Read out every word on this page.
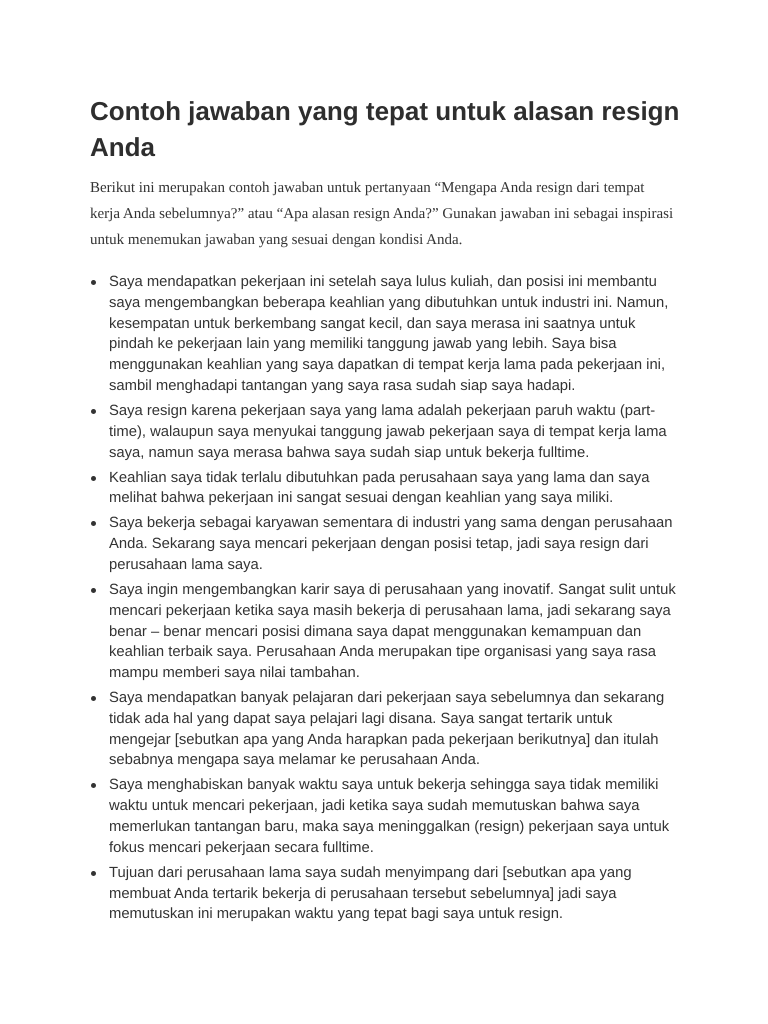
Contoh jawaban yang tepat untuk alasan resign Anda

Berikut ini merupakan contoh jawaban untuk pertanyaan “Mengapa Anda resign dari tempat kerja Anda sebelumnya?” atau “Apa alasan resign Anda?” Gunakan jawaban ini sebagai inspirasi untuk menemukan jawaban yang sesuai dengan kondisi Anda.

Saya mendapatkan pekerjaan ini setelah saya lulus kuliah, dan posisi ini membantu saya mengembangkan beberapa keahlian yang dibutuhkan untuk industri ini. Namun, kesempatan untuk berkembang sangat kecil, dan saya merasa ini saatnya untuk pindah ke pekerjaan lain yang memiliki tanggung jawab yang lebih. Saya bisa menggunakan keahlian yang saya dapatkan di tempat kerja lama pada pekerjaan ini, sambil menghadapi tantangan yang saya rasa sudah siap saya hadapi.
Saya resign karena pekerjaan saya yang lama adalah pekerjaan paruh waktu (part-time), walaupun saya menyukai tanggung jawab pekerjaan saya di tempat kerja lama saya, namun saya merasa bahwa saya sudah siap untuk bekerja fulltime.
Keahlian saya tidak terlalu dibutuhkan pada perusahaan saya yang lama dan saya melihat bahwa pekerjaan ini sangat sesuai dengan keahlian yang saya miliki.
Saya bekerja sebagai karyawan sementara di industri yang sama dengan perusahaan Anda. Sekarang saya mencari pekerjaan dengan posisi tetap, jadi saya resign dari perusahaan lama saya.
Saya ingin mengembangkan karir saya di perusahaan yang inovatif. Sangat sulit untuk mencari pekerjaan ketika saya masih bekerja di perusahaan lama, jadi sekarang saya benar – benar mencari posisi dimana saya dapat menggunakan kemampuan dan keahlian terbaik saya. Perusahaan Anda merupakan tipe organisasi yang saya rasa mampu memberi saya nilai tambahan.
Saya mendapatkan banyak pelajaran dari pekerjaan saya sebelumnya dan sekarang tidak ada hal yang dapat saya pelajari lagi disana. Saya sangat tertarik untuk mengejar [sebutkan apa yang Anda harapkan pada pekerjaan berikutnya] dan itulah sebabnya mengapa saya melamar ke perusahaan Anda.
Saya menghabiskan banyak waktu saya untuk bekerja sehingga saya tidak memiliki waktu untuk mencari pekerjaan, jadi ketika saya sudah memutuskan bahwa saya memerlukan tantangan baru, maka saya meninggalkan (resign) pekerjaan saya untuk fokus mencari pekerjaan secara fulltime.
Tujuan dari perusahaan lama saya sudah menyimpang dari [sebutkan apa yang membuat Anda tertarik bekerja di perusahaan tersebut sebelumnya] jadi saya memutuskan ini merupakan waktu yang tepat bagi saya untuk resign.
